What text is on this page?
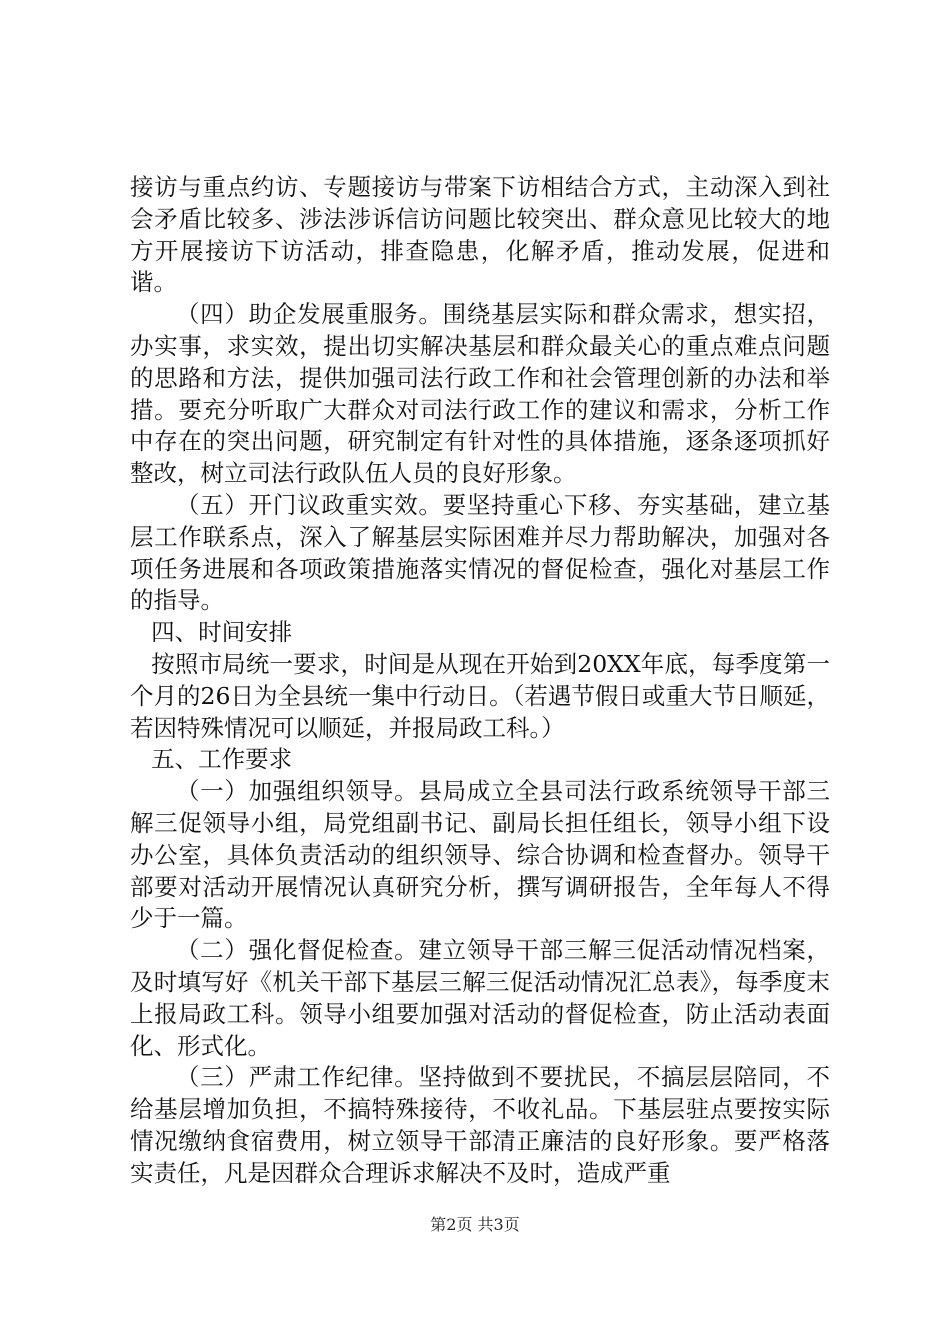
接访与重点约访、专题接访与带案下访相结合方式，主动深入到社会矛盾比较多、涉法涉诉信访问题比较突出、群众意见比较大的地方开展接访下访活动，排查隐患，化解矛盾，推动发展，促进和谐。

（四）助企发展重服务。围绕基层实际和群众需求，想实招，办实事，求实效，提出切实解决基层和群众最关心的重点难点问题的思路和方法，提供加强司法行政工作和社会管理创新的办法和举措。要充分听取广大群众对司法行政工作的建议和需求，分析工作中存在的突出问题，研究制定有针对性的具体措施，逐条逐项抓好整改，树立司法行政队伍人员的良好形象。

（五）开门议政重实效。要坚持重心下移、夯实基础，建立基层工作联系点，深入了解基层实际困难并尽力帮助解决，加强对各项任务进展和各项政策措施落实情况的督促检查，强化对基层工作的指导。

四、时间安排

按照市局统一要求，时间是从现在开始到20XX年底，每季度第一个月的26日为全县统一集中行动日。（若遇节假日或重大节日顺延，若因特殊情况可以顺延，并报局政工科。）

五、工作要求

（一）加强组织领导。县局成立全县司法行政系统领导干部三解三促领导小组，局党组副书记、副局长担任组长，领导小组下设办公室，具体负责活动的组织领导、综合协调和检查督办。领导干部要对活动开展情况认真研究分析，撰写调研报告，全年每人不得少于一篇。

（二）强化督促检查。建立领导干部三解三促活动情况档案，及时填写好《机关干部下基层三解三促活动情况汇总表》，每季度末上报局政工科。领导小组要加强对活动的督促检查，防止活动表面化、形式化。

（三）严肃工作纪律。坚持做到不要扰民，不搞层层陪同，不给基层增加负担，不搞特殊接待，不收礼品。下基层驻点要按实际情况缴纳食宿费用，树立领导干部清正廉洁的良好形象。要严格落实责任，凡是因群众合理诉求解决不及时，造成严重

第2页 共3页
